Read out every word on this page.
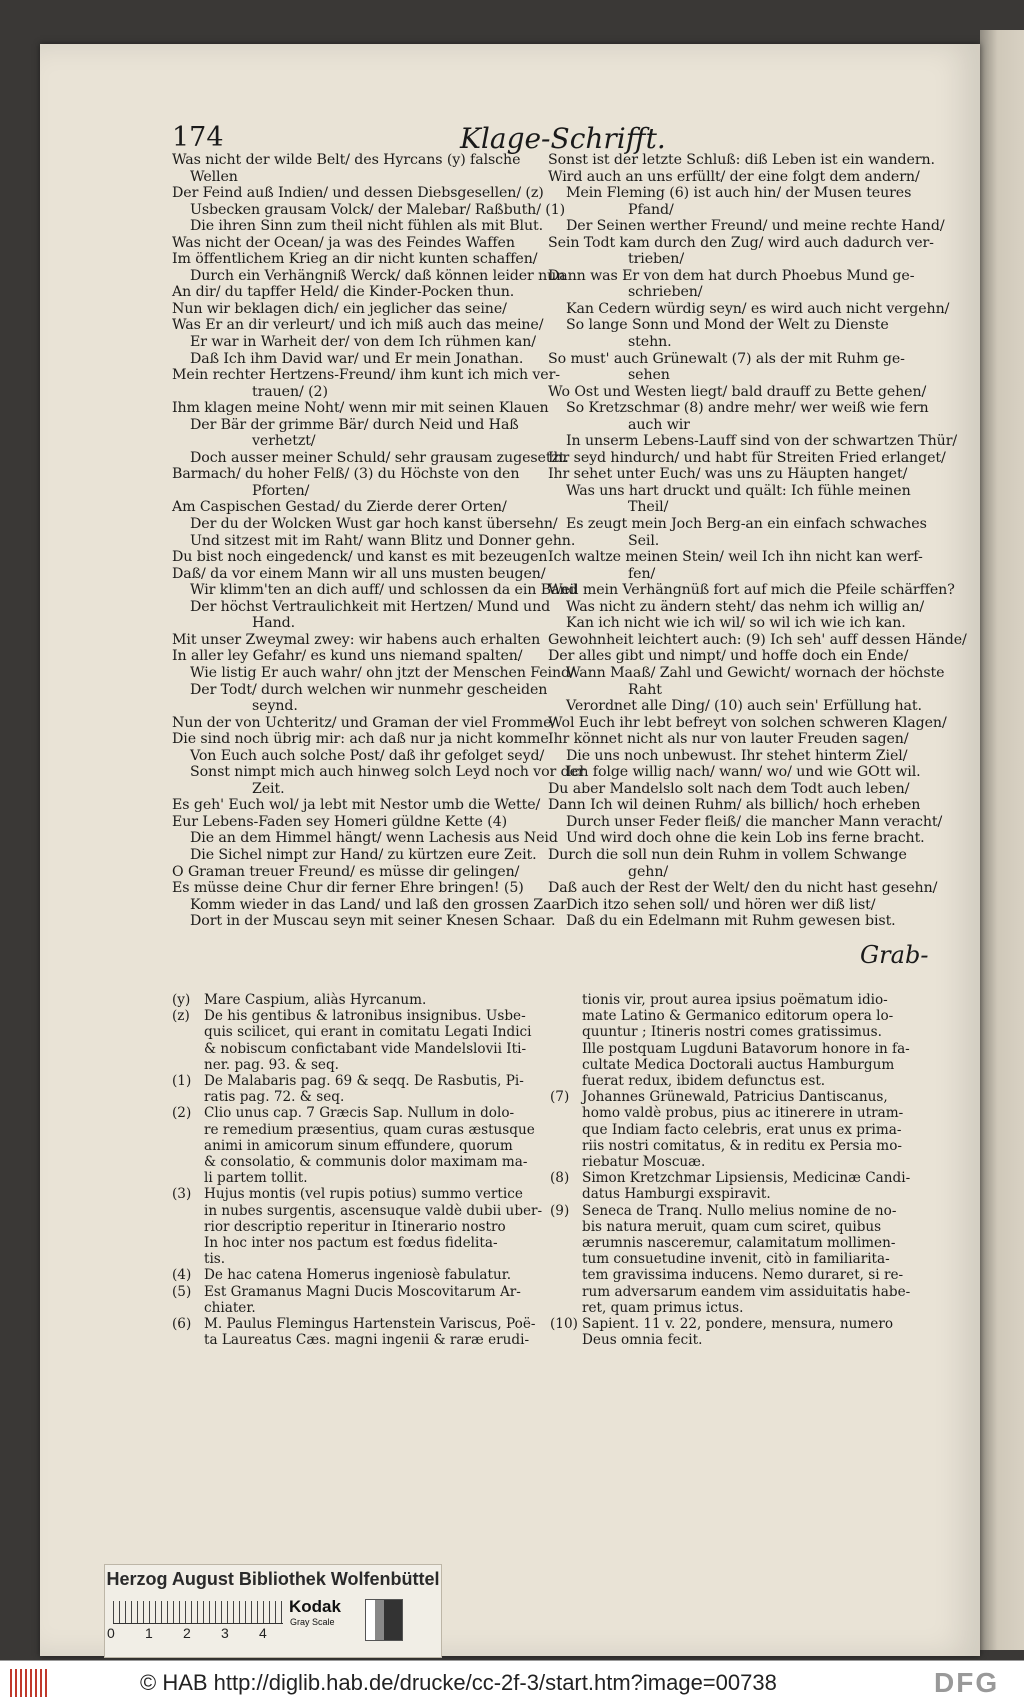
174	Klage-Schrifft.
Was nicht der wilde Belt/ des Hyrcans (y) falsche
Wellen
Der Feind auß Indien/ und dessen Diebsgesellen/ (z)
Usbecken grausam Volck/ der Malebar/ Raßbuth/ (1)
Die ihren Sinn zum theil nicht fühlen als mit Blut.
Was nicht der Ocean/ ja was des Feindes Waffen
Im öffentlichem Krieg an dir nicht kunten schaffen/
Durch ein Verhängniß Werck/ daß können leider nun
An dir/ du tapffer Held/ die Kinder-Pocken thun.
Nun wir beklagen dich/ ein jeglicher das seine/
Was Er an dir verleurt/ und ich miß auch das meine/
Er war in Warheit der/ von dem Ich rühmen kan/
Daß Ich ihm David war/ und Er mein Jonathan.
Mein rechter Hertzens-Freund/ ihm kunt ich mich ver-
trauen/ (2)
Ihm klagen meine Noht/ wenn mir mit seinen Klauen
Der Bär der grimme Bär/ durch Neid und Haß
verhetzt/
Doch ausser meiner Schuld/ sehr grausam zugesetzt.
Barmach/ du hoher Felß/ (3) du Höchste von den
Pforten/
Am Caspischen Gestad/ du Zierde derer Orten/
Der du der Wolcken Wust gar hoch kanst übersehn/
Und sitzest mit im Raht/ wann Blitz und Donner gehn.
Du bist noch eingedenck/ und kanst es mit bezeugen
Daß/ da vor einem Mann wir all uns musten beugen/
Wir klimm'ten an dich auff/ und schlossen da ein Band
Der höchst Vertraulichkeit mit Hertzen/ Mund und
Hand.
Mit unser Zweymal zwey: wir habens auch erhalten
In aller ley Gefahr/ es kund uns niemand spalten/
Wie listig Er auch wahr/ ohn jtzt der Menschen Feind/
Der Todt/ durch welchen wir nunmehr gescheiden
seynd.
Nun der von Uchteritz/ und Graman der viel Fromme/
Die sind noch übrig mir: ach daß nur ja nicht komme
Von Euch auch solche Post/ daß ihr gefolget seyd/
Sonst nimpt mich auch hinweg solch Leyd noch vor der
Zeit.
Es geh' Euch wol/ ja lebt mit Nestor umb die Wette/
Eur Lebens-Faden sey Homeri güldne Kette (4)
Die an dem Himmel hängt/ wenn Lachesis aus Neid
Die Sichel nimpt zur Hand/ zu kürtzen eure Zeit.
O Graman treuer Freund/ es müsse dir gelingen/
Es müsse deine Chur dir ferner Ehre bringen! (5)
Komm wieder in das Land/ und laß den grossen Zaar
Dort in der Muscau seyn mit seiner Knesen Schaar.
Sonst ist der letzte Schluß: diß Leben ist ein wandern.
Wird auch an uns erfüllt/ der eine folgt dem andern/
Mein Fleming (6) ist auch hin/ der Musen teures
Pfand/
Der Seinen werther Freund/ und meine rechte Hand/
Sein Todt kam durch den Zug/ wird auch dadurch ver-
trieben/
Dann was Er von dem hat durch Phoebus Mund ge-
schrieben/
Kan Cedern würdig seyn/ es wird auch nicht vergehn/
So lange Sonn und Mond der Welt zu Dienste
stehn.
So must' auch Grünewalt (7) als der mit Ruhm ge-
sehen
Wo Ost und Westen liegt/ bald drauff zu Bette gehen/
So Kretzschmar (8) andre mehr/ wer weiß wie fern
auch wir
In unserm Lebens-Lauff sind von der schwartzen Thür/
Ihr seyd hindurch/ und habt für Streiten Fried erlanget/
Ihr sehet unter Euch/ was uns zu Häupten hanget/
Was uns hart druckt und quält: Ich fühle meinen
Theil/
Es zeugt mein Joch Berg-an ein einfach schwaches
Seil.
Ich waltze meinen Stein/ weil Ich ihn nicht kan werf-
fen/
Weil mein Verhängnüß fort auf mich die Pfeile schärffen?
Was nicht zu ändern steht/ das nehm ich willig an/
Kan ich nicht wie ich wil/ so wil ich wie ich kan.
Gewohnheit leichtert auch: (9) Ich seh' auff dessen Hände/
Der alles gibt und nimpt/ und hoffe doch ein Ende/
Wann Maaß/ Zahl und Gewicht/ wornach der höchste
Raht
Verordnet alle Ding/ (10) auch sein' Erfüllung hat.
Wol Euch ihr lebt befreyt von solchen schweren Klagen/
Ihr könnet nicht als nur von lauter Freuden sagen/
Die uns noch unbewust. Ihr stehet hinterm Ziel/
Ich folge willig nach/ wann/ wo/ und wie GOtt wil.
Du aber Mandelslo solt nach dem Todt auch leben/
Dann Ich wil deinen Ruhm/ als billich/ hoch erheben
Durch unser Feder fleiß/ die mancher Mann veracht/
Und wird doch ohne die kein Lob ins ferne bracht.
Durch die soll nun dein Ruhm in vollem Schwange
gehn/
Daß auch der Rest der Welt/ den du nicht hast gesehn/
Dich itzo sehen soll/ und hören wer diß list/
Daß du ein Edelmann mit Ruhm gewesen bist.
Grab-
(y) Mare Caspium, aliàs Hyrcanum.
(z) De his gentibus & latronibus insignibus. Usbe-
quis scilicet, qui erant in comitatu Legati Indici
& nobiscum confictabant vide Mandelslovii Iti-
ner. pag. 93. & seq.
(1) De Malabaris pag. 69 & seqq. De Rasbutis, Pi-
ratis pag. 72. & seq.
(2) Clio unus cap. 7 Græcis Sap. Nullum in dolo-
re remedium præsentius, quam curas æstusque
animi in amicorum sinum effundere, quorum
& consolatio, & communis dolor maximam ma-
li partem tollit.
(3) Hujus montis (vel rupis potius) summo vertice
in nubes surgentis, ascensuque valdè dubii uber-
rior descriptio reperitur in Itinerario nostro
In hoc inter nos pactum est fœdus fidelita-
tis.
(4) De hac catena Homerus ingeniosè fabulatur.
(5) Est Gramanus Magni Ducis Moscovitarum Ar-
chiater.
(6) M. Paulus Flemingus Hartenstein Variscus, Poë-
ta Laureatus Cæs. magni ingenii & raræ erudi-
tionis vir, prout aurea ipsius poëmatum idio-
mate Latino & Germanico editorum opera lo-
quuntur ; Itineris nostri comes gratissimus.
Ille postquam Lugduni Batavorum honore in fa-
cultate Medica Doctorali auctus Hamburgum
fuerat redux, ibidem defunctus est.
(7) Johannes Grünewald, Patricius Dantiscanus,
homo valdè probus, pius ac itinerere in utram-
que Indiam facto celebris, erat unus ex prima-
riis nostri comitatus, & in reditu ex Persia mo-
riebatur Moscuæ.
(8) Simon Kretzchmar Lipsiensis, Medicinæ Candi-
datus Hamburgi exspiravit.
(9) Seneca de Tranq. Nullo melius nomine de no-
bis natura meruit, quam cum sciret, quibus
ærumnis nasceremur, calamitatum mollimen-
tum consuetudine invenit, citò in familiarita-
tem gravissima inducens. Nemo duraret, si re-
rum adversarum eandem vim assiduitatis habe-
ret, quam primus ictus.
(10) Sapient. 11 v. 22, pondere, mensura, numero
Deus omnia fecit.
Herzog August Bibliothek Wolfenbüttel
0 1 2 3 4
Kodak
Gray Scale
© HAB http://diglib.hab.de/drucke/cc-2f-3/start.htm?image=00738	DFG
